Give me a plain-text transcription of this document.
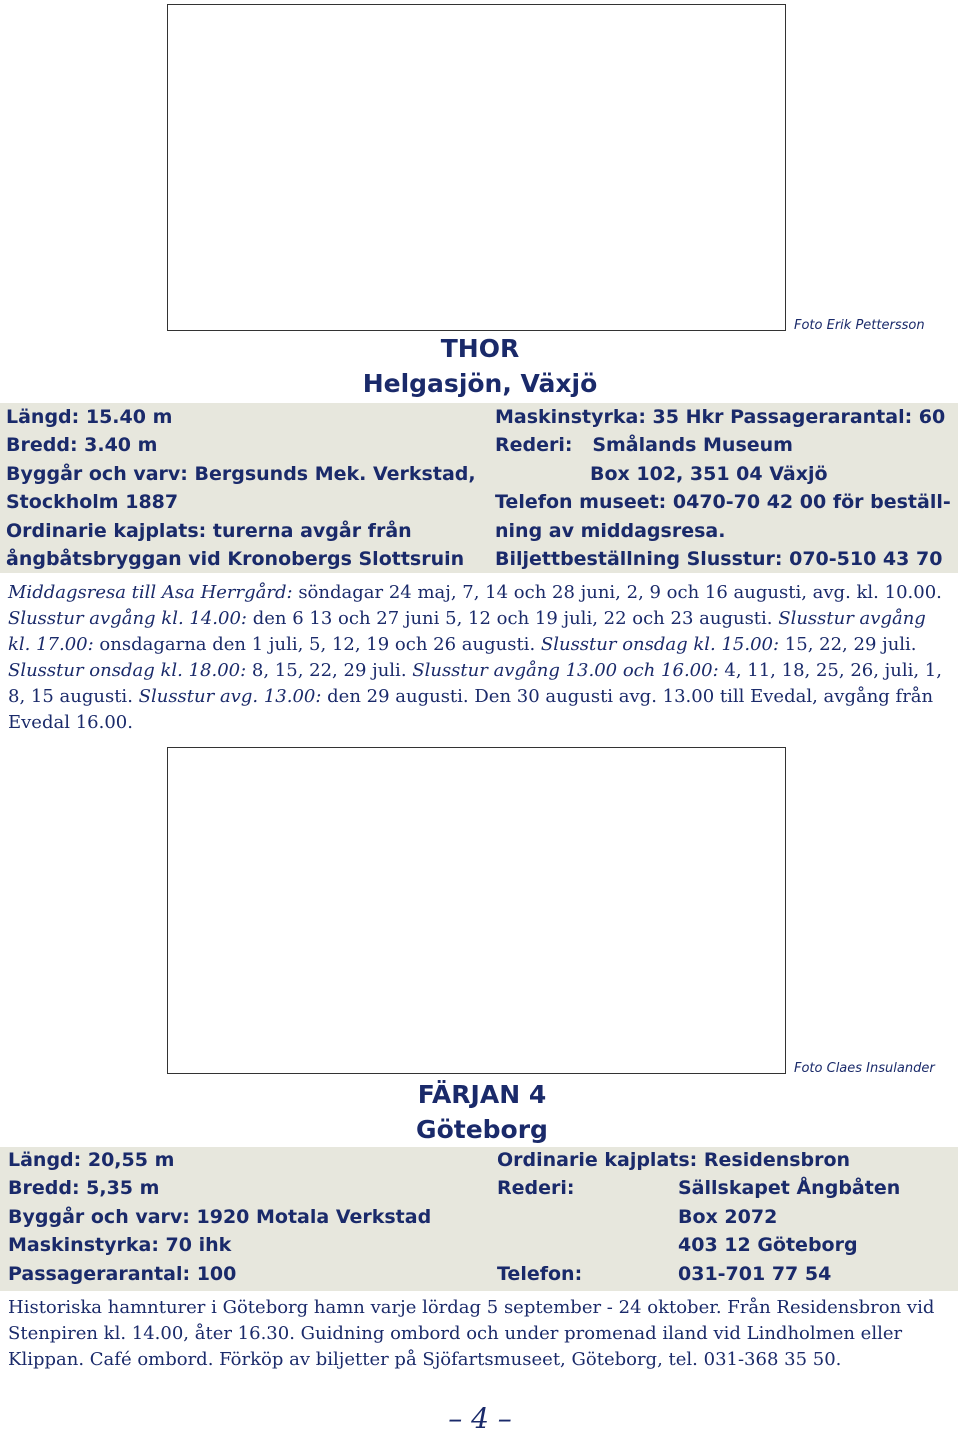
Foto Erik Pettersson
THOR
Helgasjön, Växjö
Längd: 15.40 m
Bredd: 3.40 m
Byggår och varv: Bergsunds Mek. Verkstad,
Stockholm 1887
Ordinarie kajplats: turerna avgår från
ångbåtsbryggan vid Kronobergs Slottsruin
Maskinstyrka: 35 Hkr Passagerarantal: 60
Rederi:   Smålands Museum
Box 102, 351 04 Växjö
Telefon museet: 0470-70 42 00 för beställ-
ning av middagsresa.
Biljettbeställning Slusstur: 070-510 43 70
Middagsresa till Asa Herrgård: söndagar 24 maj, 7, 14 och 28 juni, 2, 9 och 16 augusti, avg. kl. 10.00. Slusstur avgång kl. 14.00: den 6 13 och 27 juni 5, 12 och 19 juli, 22 och 23 augusti. Slusstur avgång kl. 17.00: onsdagarna den 1 juli, 5, 12, 19 och 26 augusti. Slusstur onsdag kl. 15.00: 15, 22, 29 juli. Slusstur onsdag kl. 18.00: 8, 15, 22, 29 juli. Slusstur avgång 13.00 och 16.00: 4, 11, 18, 25, 26, juli, 1, 8, 15 augusti. Slusstur avg. 13.00: den 29 augusti. Den 30 augusti avg. 13.00 till Evedal, avgång från Evedal 16.00.
Foto Claes Insulander
FÄRJAN 4
Göteborg
Längd: 20,55 m
Bredd: 5,35 m
Byggår och varv: 1920 Motala Verkstad
Maskinstyrka: 70 ihk
Passagerarantal: 100
Ordinarie kajplats: Residensbron
Rederi:	Sällskapet Ångbåten
Box 2072
403 12 Göteborg
Telefon:	031-701 77 54
Historiska hamnturer i Göteborg hamn varje lördag 5 september - 24 oktober. Från Residensbron vid Stenpiren kl. 14.00, åter 16.30. Guidning ombord och under promenad iland vid Lindholmen eller Klippan. Café ombord. Förköp av biljetter på Sjöfartsmuseet, Göteborg, tel. 031-368 35 50.
– 4 –
